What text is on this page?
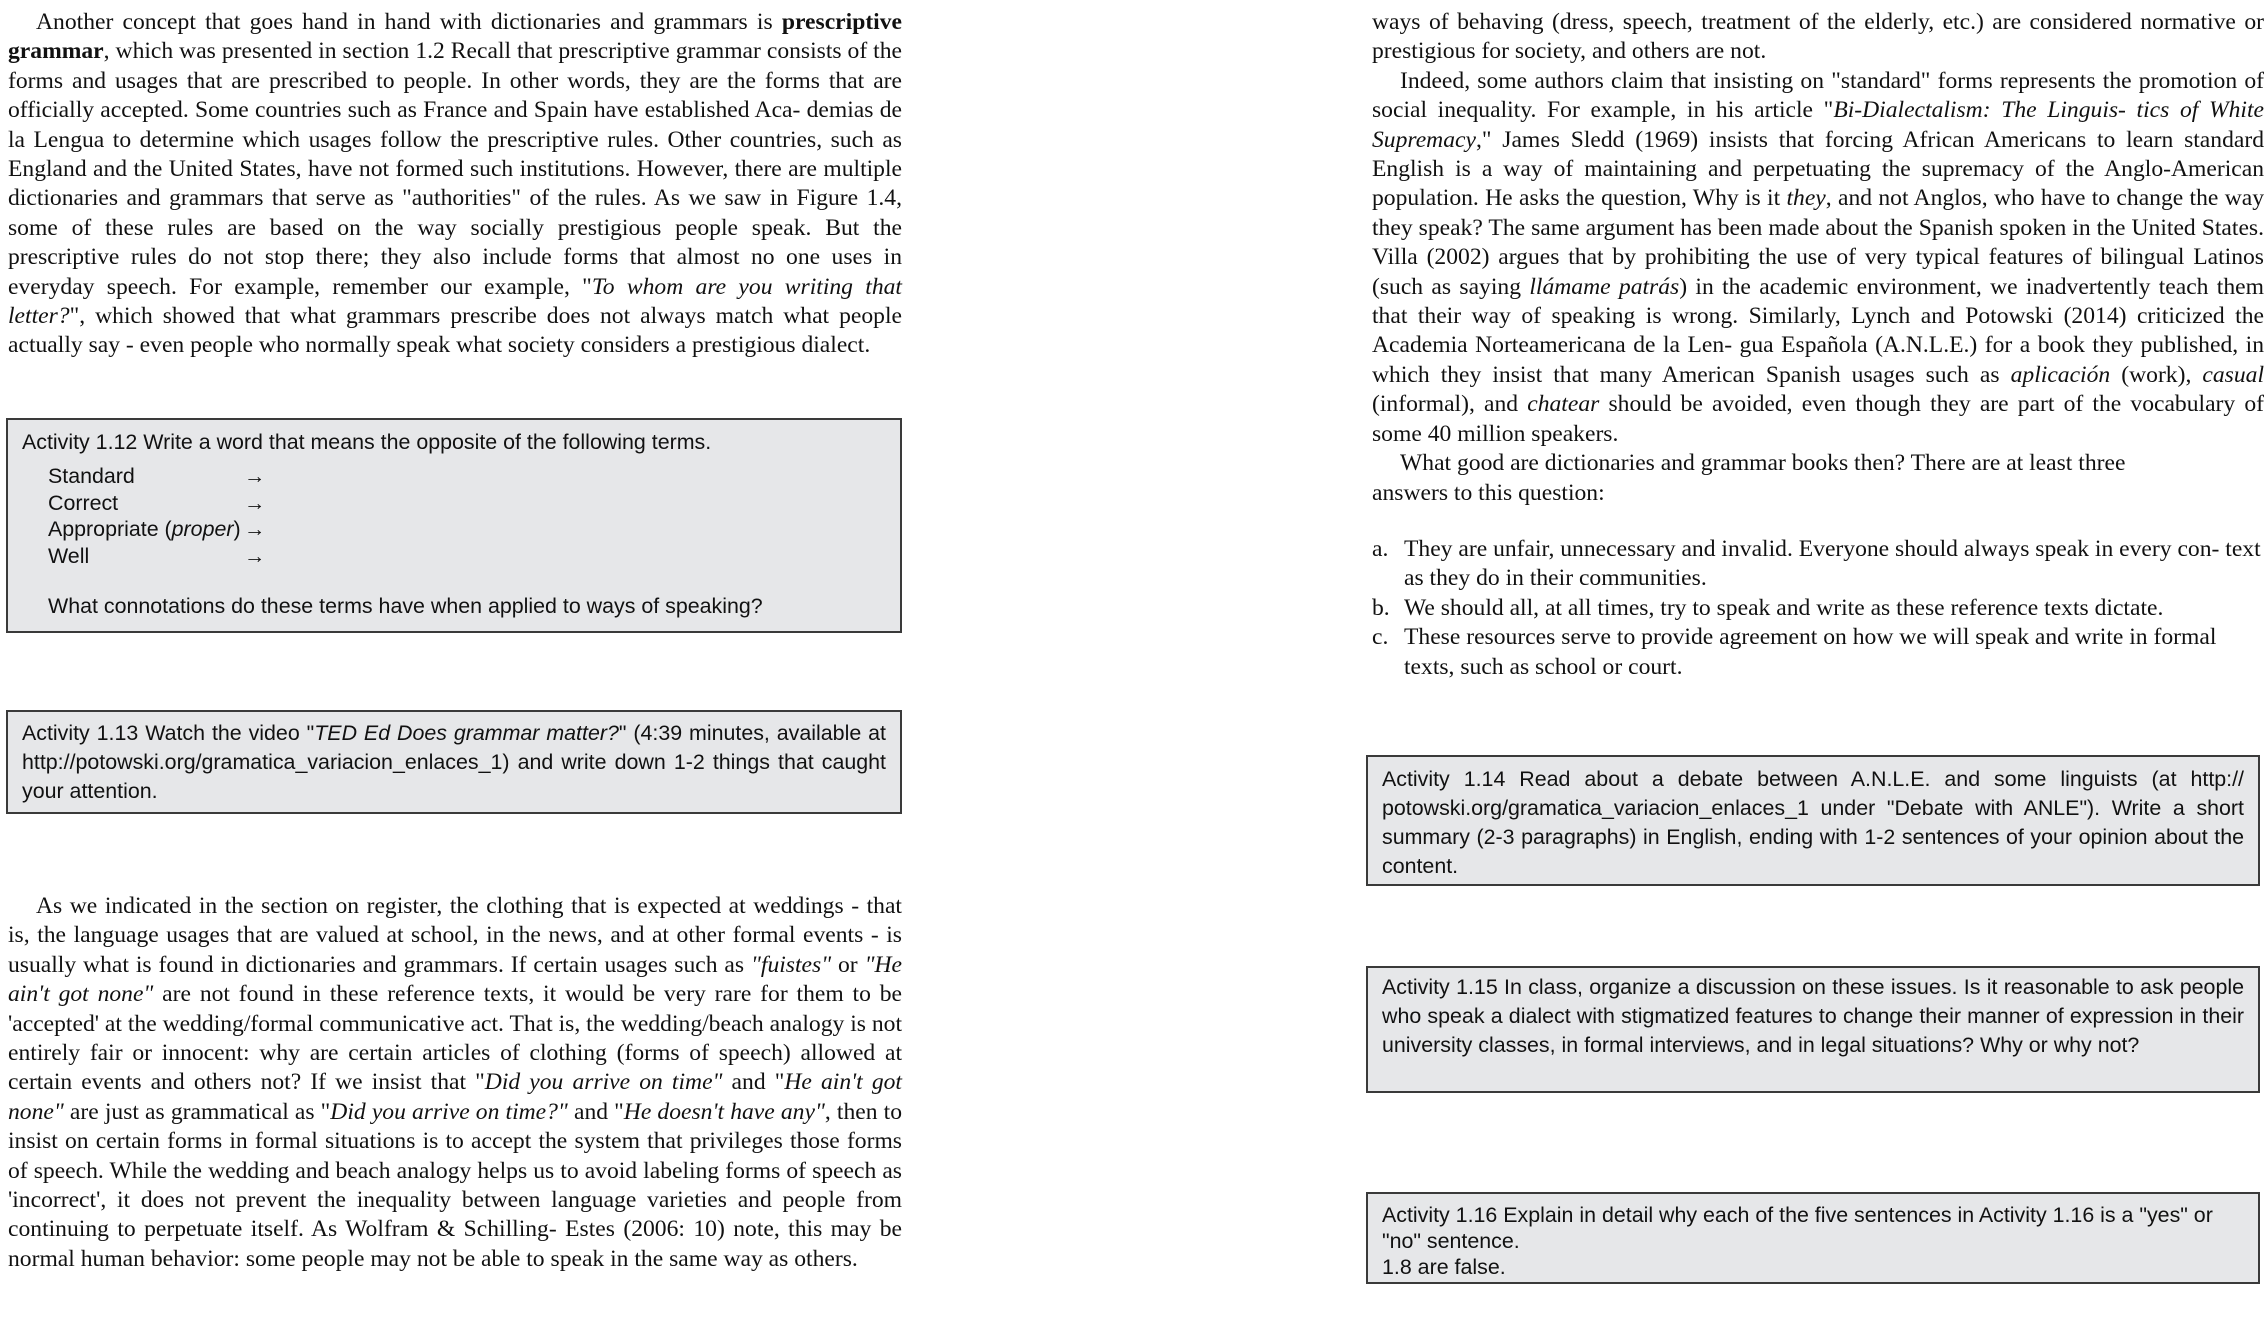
Another concept that goes hand in hand with dictionaries and grammars is prescriptive grammar, which was presented in section 1.2 Recall that prescriptive grammar consists of the forms and usages that are prescribed to people. In other words, they are the forms that are officially accepted. Some countries such as France and Spain have established Aca- demias de la Lengua to determine which usages follow the prescriptive rules. Other countries, such as England and the United States, have not formed such institutions. However, there are multiple dictionaries and grammars that serve as "authorities" of the rules. As we saw in Figure 1.4, some of these rules are based on the way socially prestigious people speak. But the prescriptive rules do not stop there; they also include forms that almost no one uses in everyday speech. For example, remember our example, "To whom are you writing that letter?", which showed that what grammars prescribe does not always match what people actually say - even people who normally speak what society considers a prestigious dialect.

Activity 1.12 Write a word that means the opposite of the following terms.
Standard	→
Correct	→
Appropriate (proper) →
Well	→
What connotations do these terms have when applied to ways of speaking?
Activity 1.13 Watch the video "TED Ed Does grammar matter?" (4:39 minutes, available at http://potowski.org/gramatica_variacion_enlaces_1) and write down 1-2 things that caught your attention.

As we indicated in the section on register, the clothing that is expected at weddings - that is, the language usages that are valued at school, in the news, and at other formal events - is usually what is found in dictionaries and grammars. If certain usages such as "fuistes" or "He ain't got none" are not found in these reference texts, it would be very rare for them to be 'accepted' at the wedding/formal communicative act. That is, the wedding/beach analogy is not entirely fair or innocent: why are certain articles of clothing (forms of speech) allowed at certain events and others not? If we insist that "Did you arrive on time" and "He ain't got none" are just as grammatical as "Did you arrive on time?" and "He doesn't have any", then to insist on certain forms in formal situations is to accept the system that privileges those forms of speech. While the wedding and beach analogy helps us to avoid labeling forms of speech as 'incorrect', it does not prevent the inequality between language varieties and people from continuing to perpetuate itself. As Wolfram & Schilling- Estes (2006: 10) note, this may be normal human behavior: some people may not be able to speak in the same way as others.

ways of behaving (dress, speech, treatment of the elderly, etc.) are considered normative or prestigious for society, and others are not.

Indeed, some authors claim that insisting on "standard" forms represents the promotion of social inequality. For example, in his article "Bi-Dialectalism: The Linguis- tics of White Supremacy," James Sledd (1969) insists that forcing African Americans to learn standard English is a way of maintaining and perpetuating the supremacy of the Anglo-American population. He asks the question, Why is it they, and not Anglos, who have to change the way they speak? The same argument has been made about the Spanish spoken in the United States. Villa (2002) argues that by prohibiting the use of very typical features of bilingual Latinos (such as saying llámame patrás) in the academic environment, we inadvertently teach them that their way of speaking is wrong. Similarly, Lynch and Potowski (2014) criticized the Academia Norteamericana de la Len- gua Española (A.N.L.E.) for a book they published, in which they insist that many American Spanish usages such as aplicación (work), casual (informal), and chatear should be avoided, even though they are part of the vocabulary of some 40 million speakers.

What good are dictionaries and grammar books then? There are at least three

answers to this question:

a. They are unfair, unnecessary and invalid. Everyone should always speak in every con- text as they do in their communities.
b. We should all, at all times, try to speak and write as these reference texts dictate.
c. These resources serve to provide agreement on how we will speak and write in formal texts, such as school or court.
Activity 1.14 Read about a debate between A.N.L.E. and some linguists (at http:// potowski.org/gramatica_variacion_enlaces_1 under "Debate with ANLE"). Write a short summary (2-3 paragraphs) in English, ending with 1-2 sentences of your opinion about the content.
Activity 1.15 In class, organize a discussion on these issues. Is it reasonable to ask people who speak a dialect with stigmatized features to change their manner of expression in their university classes, in formal interviews, and in legal situations? Why or why not?
Activity 1.16 Explain in detail why each of the five sentences in Activity 1.16 is a "yes" or "no" sentence.
1.8 are false.
